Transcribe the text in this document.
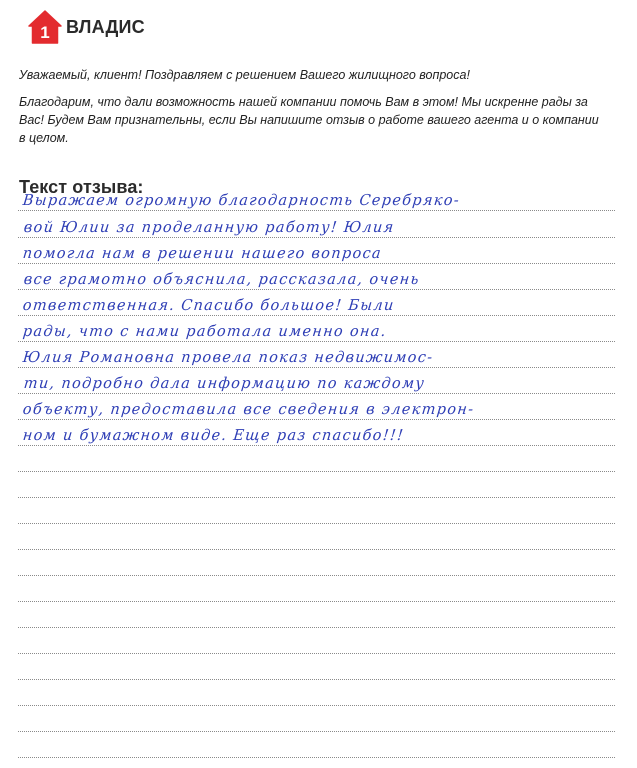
1 ВЛАДИС
Уважаемый, клиент! Поздравляем с решением Вашего жилищного вопроса!
Благодарим, что дали возможность нашей компании помочь Вам в этом! Мы искренне рады за Вас! Будем Вам признательны, если Вы напишите отзыв о работе вашего агента и о компании в целом.
Текст отзыва:
Выражаем огромную благодарность Серебряко-
вой Юлии за проделанную работу! Юлия
помогла нам в решении нашего вопроса
все грамотно объяснила, рассказала, очень
ответственная. Спасибо большое! Были
рады, что с нами работала именно она.
Юлия Романовна провела показ недвижимос-
ти, подробно дала информацию по каждому
объекту, предоставила все сведения в электрон-
ном и бумажном виде. Еще раз спасибо!!!
